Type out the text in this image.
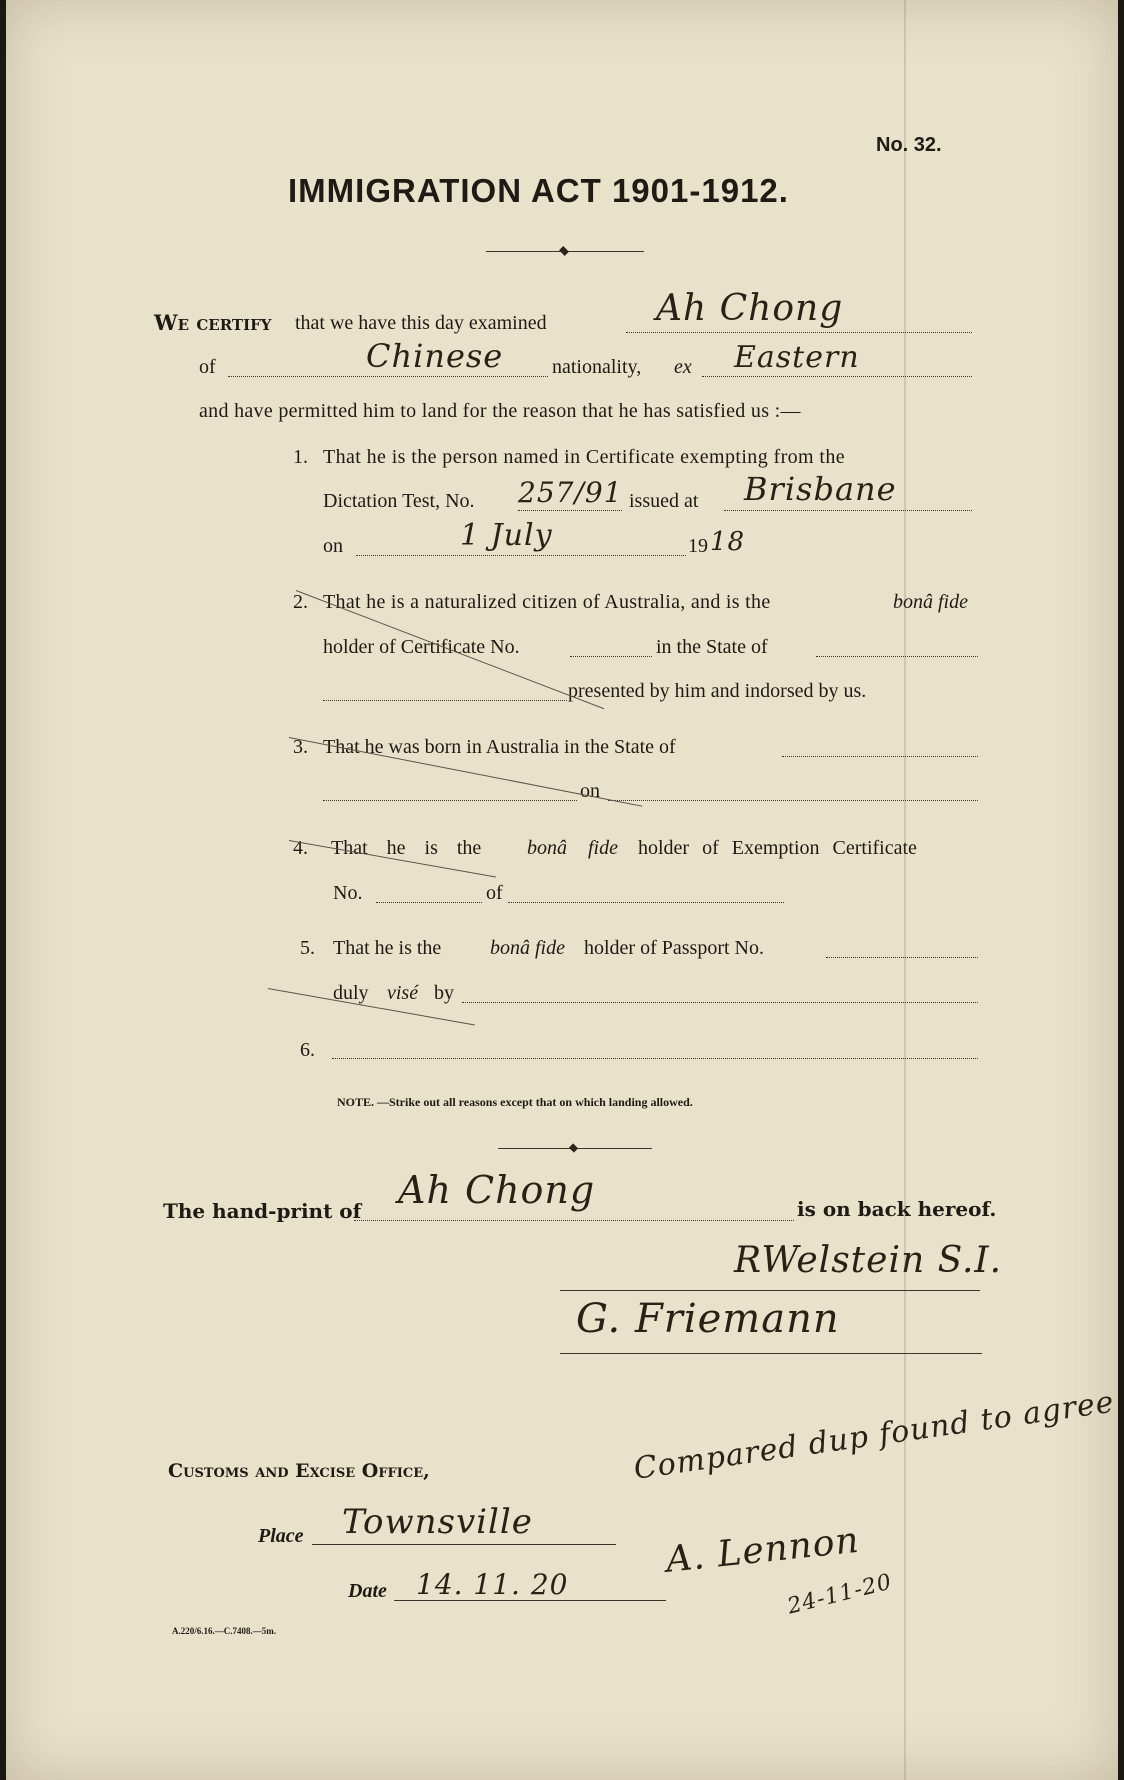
No. 32.
IMMIGRATION ACT 1901-1912.
We certify that we have this day examined	Ah Chong
of	Chinese nationality, ex Eastern
and have permitted him to land for the reason that he has satisfied us :—
1. That he is the person named in Certificate exempting from the
Dictation Test, No. 257/91 issued at Brisbane
on	1 July	19 18
2. That he is a naturalized citizen of Australia, and is the	bonâ fide
holder of Certificate No.	in the State of
presented by him and indorsed by us.
3. That he was born in Australia in the State of
on
4. That he is the bonâ fide holder of Exemption Certificate
No.	of
5. That he is the bonâ fide holder of Passport No.
duly visé by
6.
NOTE. —Strike out all reasons except that on which landing allowed.
The hand-print of Ah Chong	is on back hereof.
RWelstein S.I.
G. Friemann
Customs and Excise Office,	Compared dup found to agree
Place Townsville
Date 14. 11. 20
A. Lennon
24-11-20
A.220/6.16.—C.7408.—5m.
